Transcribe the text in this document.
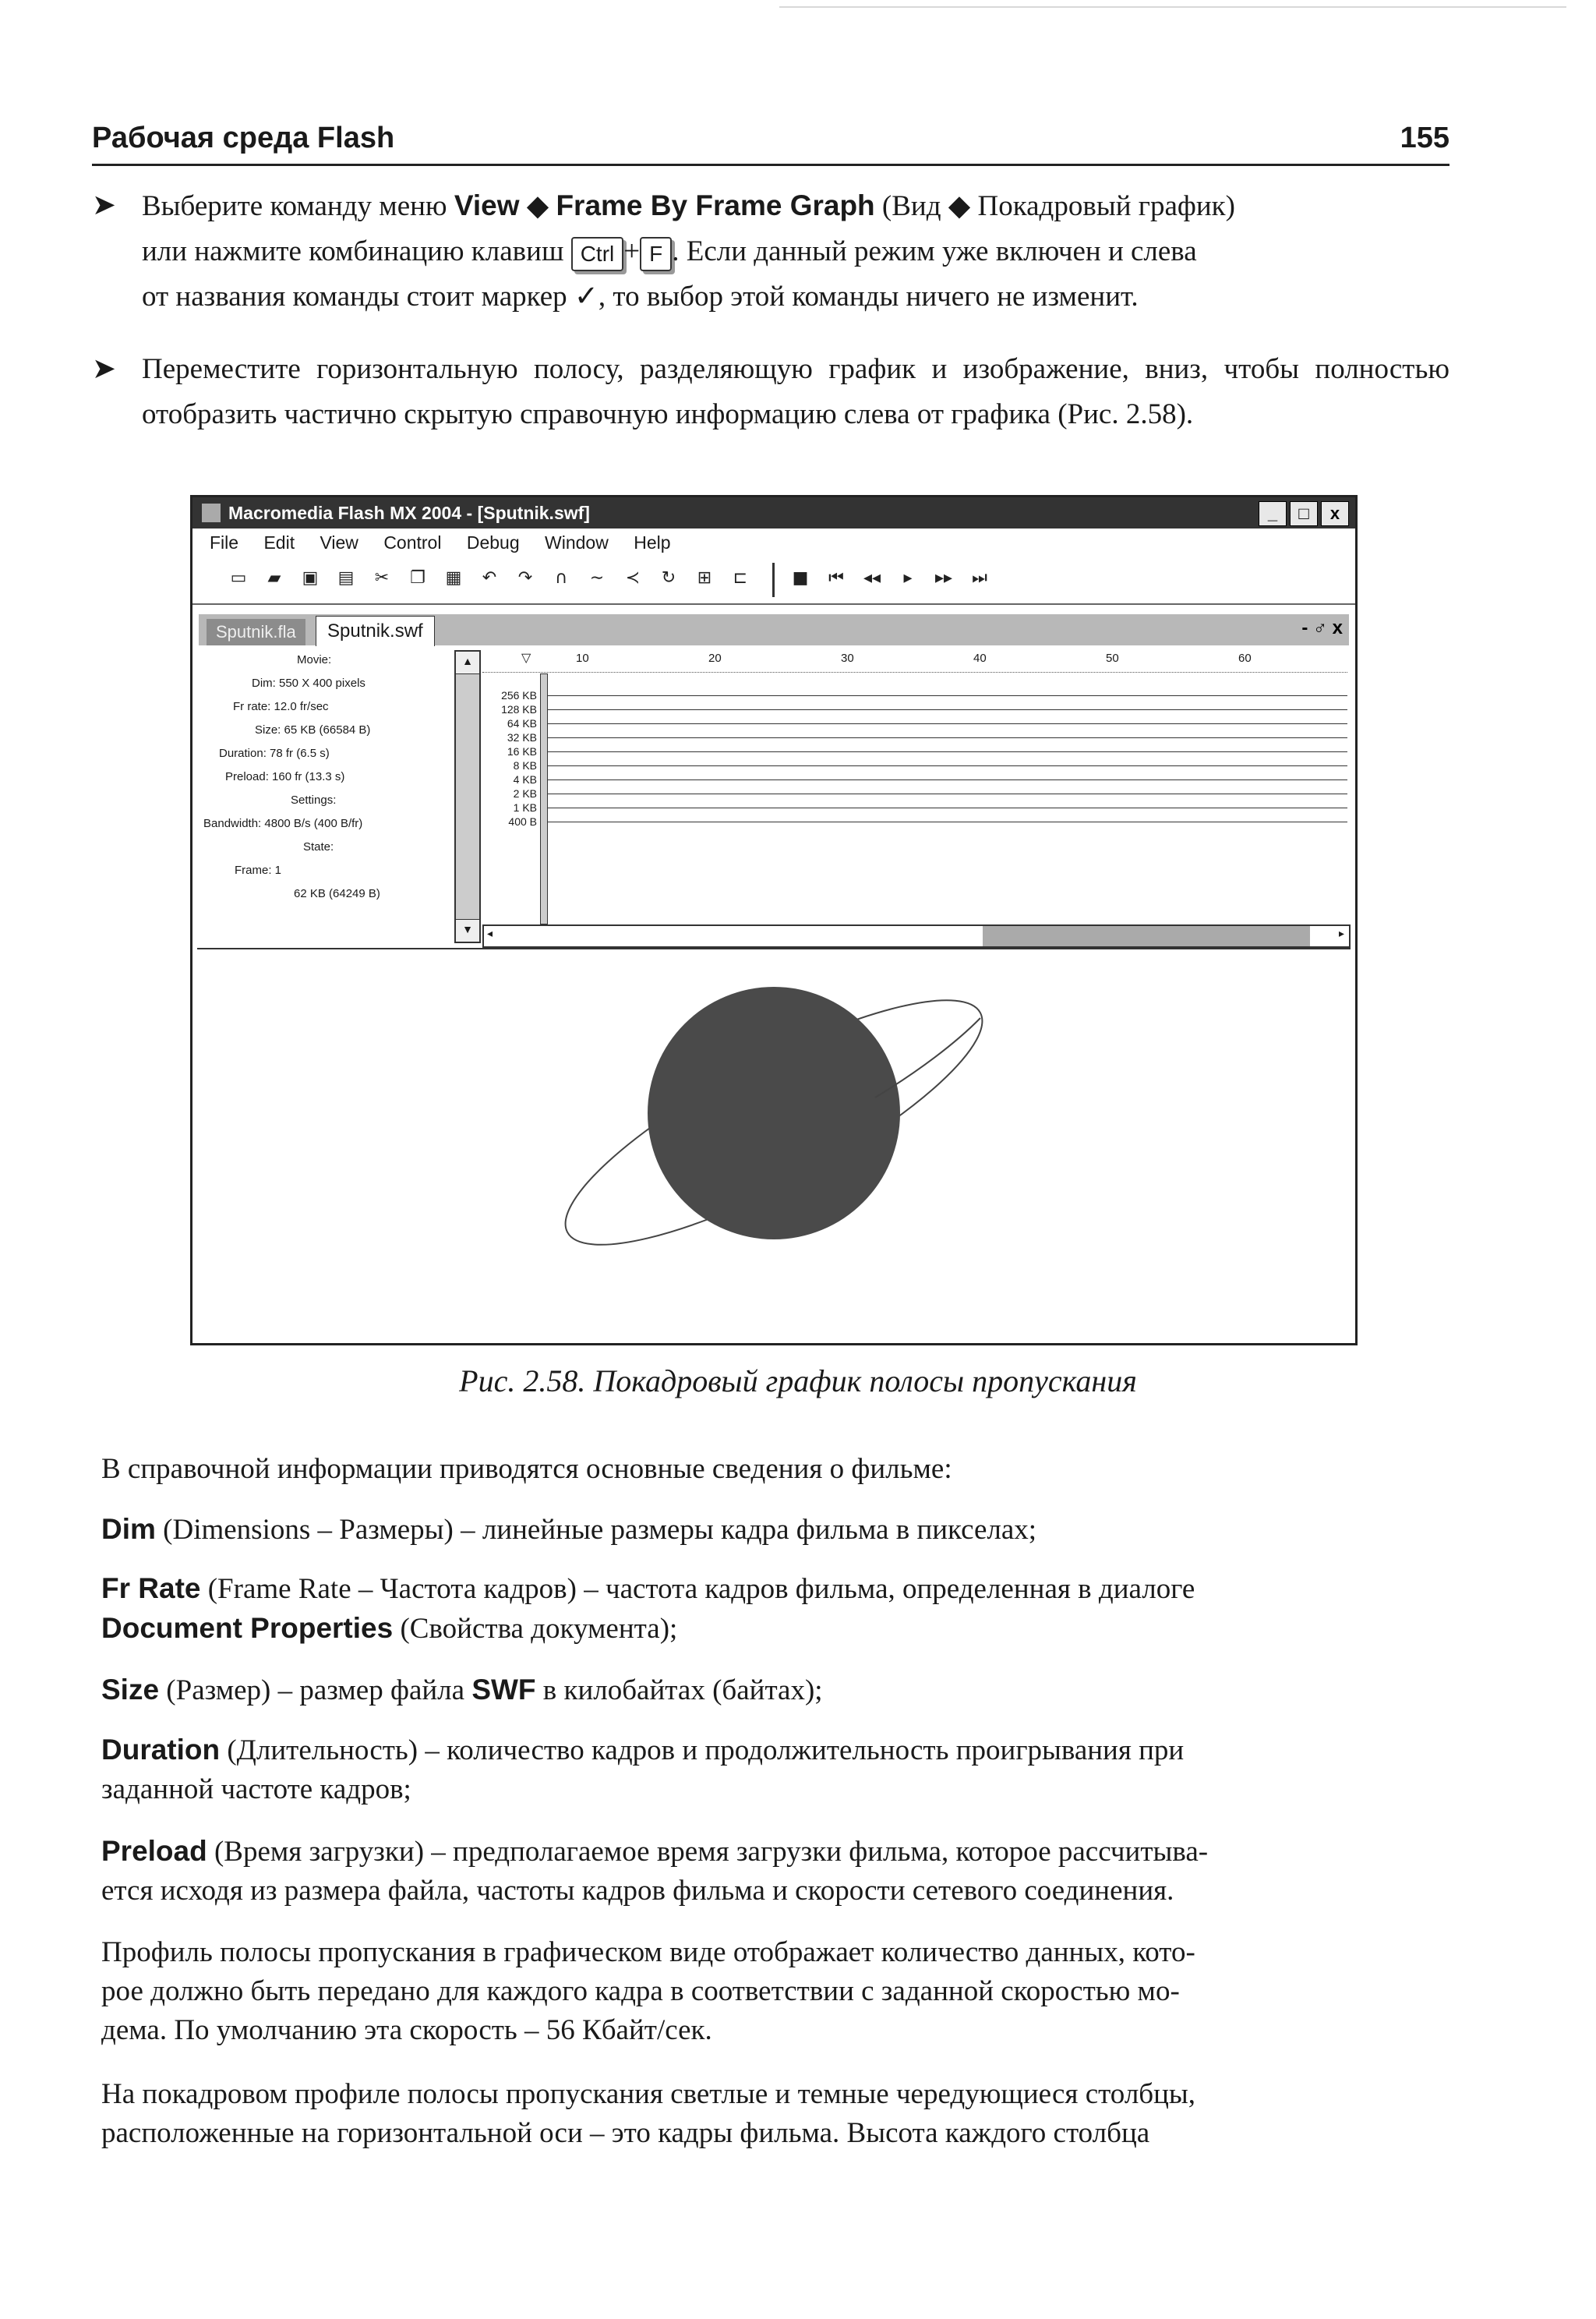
Рабочая среда Flash	155
➤ Выберите команду меню View ◆ Frame By Frame Graph (Вид ◆ Покадровый график)
или нажмите комбинацию клавиш Ctrl + F . Если данный режим уже включен и слева
от названия команды стоит маркер ✓, то выбор этой команды ничего не изменит.
➤ Переместите горизонтальную полосу, разделяющую график и изображение, вниз, чтобы полностью отобразить частично скрытую справочную информацию слева от графика (Рис. 2.58).
Macromedia Flash MX 2004 - [Sputnik.swf]	_	□	x
File Edit View Control Debug Window Help
▭	▰	▣	▤	✂	❐	▦	↶	↷	∩	∼	≺	↻	⊞	⊏	■	⏮	◂◂	▸	▸▸	⏭
Sputnik.fla	Sputnik.swf	- ♂ x
Movie:
Dim: 550 X 400 pixels
Fr rate: 12.0 fr/sec
Size: 65 KB (66584 B)
Duration: 78 fr (6.5 s)
Preload: 160 fr (13.3 s)
Settings:
Bandwidth: 4800 B/s (400 B/fr)
State:
Frame: 1
62 KB (64249 B)
▲
▼
10	20	30	40	50	60
▽
256 KB
128 KB
64 KB
32 KB
16 KB
8 KB
4 KB
2 KB
1 KB
400 B
◂	▸
Рис. 2.58. Покадровый график полосы пропускания
В справочной информации приводятся основные сведения о фильме:
Dim (Dimensions – Размеры) – линейные размеры кадра фильма в пикселах;
Fr Rate (Frame Rate – Частота кадров) – частота кадров фильма, определенная в диалоге
Document Properties (Свойства документа);
Size (Размер) – размер файла SWF в килобайтах (байтах);
Duration (Длительность) – количество кадров и продолжительность проигрывания при
заданной частоте кадров;
Preload (Время загрузки) – предполагаемое время загрузки фильма, которое рассчитыва-
ется исходя из размера файла, частоты кадров фильма и скорости сетевого соединения.
Профиль полосы пропускания в графическом виде отображает количество данных, кото-
рое должно быть передано для каждого кадра в соответствии с заданной скоростью мо-
дема. По умолчанию эта скорость – 56 Кбайт/сек.
На покадровом профиле полосы пропускания светлые и темные чередующиеся столбцы,
расположенные на горизонтальной оси – это кадры фильма. Высота каждого столбца
